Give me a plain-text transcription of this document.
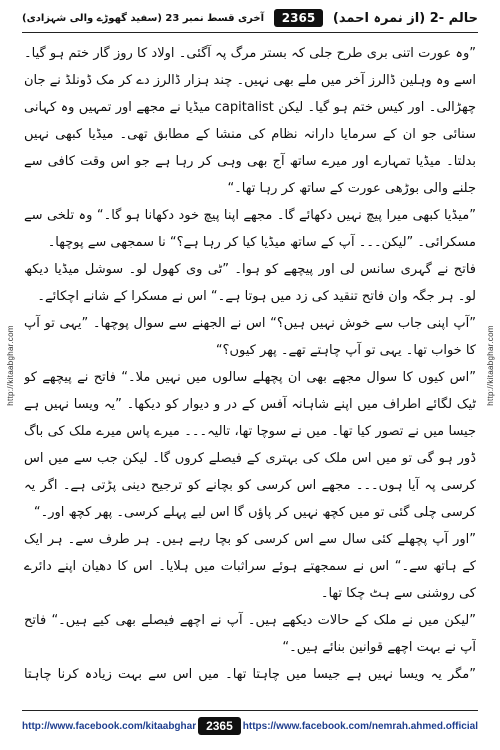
آخری قسط نمبر 23 (سفید گھوڑے والی شہزادی)	2365	حالم -2 (از نمرہ احمد)
http://kitaabghar.com	http://kitaabghar.com

”وہ عورت اتنی بری طرح جلی کہ بستر مرگ پہ آگئی۔ اولاد کا روز گار ختم ہو گیا۔ اسے وہ وہلین ڈالرز آخر میں ملے بھی نہیں۔ چند ہزار ڈالرز دے کر مک ڈونلڈ نے جان چھڑالی۔ اور کیس ختم ہو گیا۔ لیکن capitalist میڈیا نے مجھے اور تمہیں وہ کہانی سنائی جو ان کے سرمایا دارانہ نظام کی منشا کے مطابق تھی۔ میڈیا کبھی نہیں بدلتا۔ میڈیا تمہارے اور میرے ساتھ آج بھی وہی کر رہا ہے جو اس وقت کافی سے جلنے والی بوڑھی عورت کے ساتھ کر رہا تھا۔“

”میڈیا کبھی میرا پیچ نہیں دکھائے گا۔ مجھے اپنا پیچ خود دکھانا ہو گا۔“ وہ تلخی سے مسکرائی۔ ”لیکن۔۔۔ آپ کے ساتھ میڈیا کیا کر رہا ہے؟“ نا سمجھی سے پوچھا۔

فاتح نے گہری سانس لی اور پیچھے کو ہوا۔ ”ٹی وی کھول لو۔ سوشل میڈیا دیکھ لو۔ ہر جگہ وان فاتح تنقید کی زد میں ہوتا ہے۔“ اس نے مسکرا کے شانے اچکائے۔

”آپ اپنی جاب سے خوش نہیں ہیں؟“ اس نے الجھنے سے سوال پوچھا۔ ”یہی تو آپ کا خواب تھا۔ یہی تو آپ چاہتے تھے۔ پھر کیوں؟“

”اس کیوں کا سوال مجھے بھی ان پچھلے سالوں میں نہیں ملا۔“ فاتح نے پیچھے کو ٹیک لگائے اطراف میں اپنے شاہانہ آفس کے در و دیوار کو دیکھا۔ ”یہ ویسا نہیں ہے جیسا میں نے تصور کیا تھا۔ میں نے سوچا تھا، تالیہ۔۔۔ میرے پاس میرے ملک کی باگ ڈور ہو گی تو میں اس ملک کی بہتری کے فیصلے کروں گا۔ لیکن جب سے میں اس کرسی پہ آیا ہوں۔۔۔ مجھے اس کرسی کو بچانے کو ترجیح دینی پڑتی ہے۔ اگر یہ کرسی چلی گئی تو میں کچھ نہیں کر پاؤں گا اس لیے پہلے کرسی۔ پھر کچھ اور۔“

”اور آپ پچھلے کئی سال سے اس کرسی کو بچا رہے ہیں۔ ہر طرف سے۔ ہر ایک کے ہاتھ سے۔“ اس نے سمجھتے ہوئے سراثبات میں ہلایا۔ اس کا دھیان اپنے دائرے کی روشنی سے ہٹ چکا تھا۔

”لیکن میں نے ملک کے حالات دیکھے ہیں۔ آپ نے اچھے فیصلے بھی کیے ہیں۔“ فاتح آپ نے بہت اچھے قوانین بنائے ہیں۔“

”مگر یہ ویسا نہیں ہے جیسا میں چاہتا تھا۔ میں اس سے بہت زیادہ کرنا چاہتا

http://www.facebook.com/kitaabghar 2365 https://www.facebook.com/nemrah.ahmed.official
